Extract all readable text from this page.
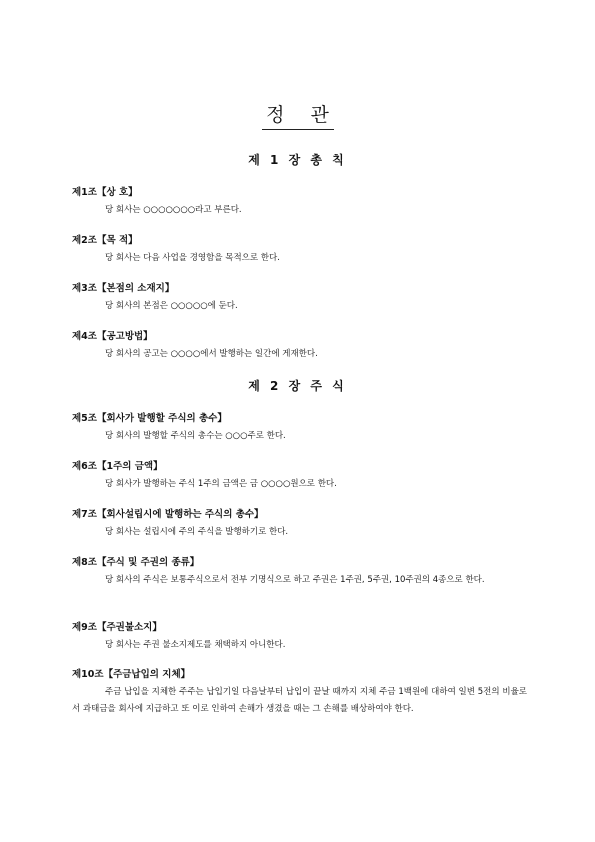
정 관
제 1 장 총 칙
제1조【상 호】
당 회사는 ○○○○○○○라고 부른다.
제2조【목 적】
당 회사는 다음 사업을 경영함을 목적으로 한다.
제3조【본점의 소재지】
당 회사의 본점은 ○○○○○에 둔다.
제4조【공고방법】
당 회사의 공고는 ○○○○에서 발행하는 일간에 게재한다.
제 2 장 주 식
제5조【회사가 발행할 주식의 총수】
당 회사의 발행할 주식의 총수는 ○○○주로 한다.
제6조【1주의 금액】
당 회사가 발행하는 주식 1주의 금액은 금 ○○○○원으로 한다.
제7조【회사설립시에 발행하는 주식의 총수】
당 회사는 설립시에 주의 주식을 발행하기로 한다.
제8조【주식 및 주권의 종류】
당 회사의 주식은 보통주식으로서 전부 기명식으로 하고 주권은 1주권, 5주권, 10주권의 4종으로 한다.
제9조【주권불소지】
당 회사는 주권 불소지제도를 채택하지 아니한다.
제10조【주금납입의 지체】
주금 납입을 지체한 주주는 납입기일 다음날부터 납입이 끝날 때까지 지체 주금 1백원에 대하여 일변 5전의 비율로서 과태금을 회사에 지급하고 또 이로 인하여 손해가 생겼을 때는 그 손해를 배상하여야 한다.
